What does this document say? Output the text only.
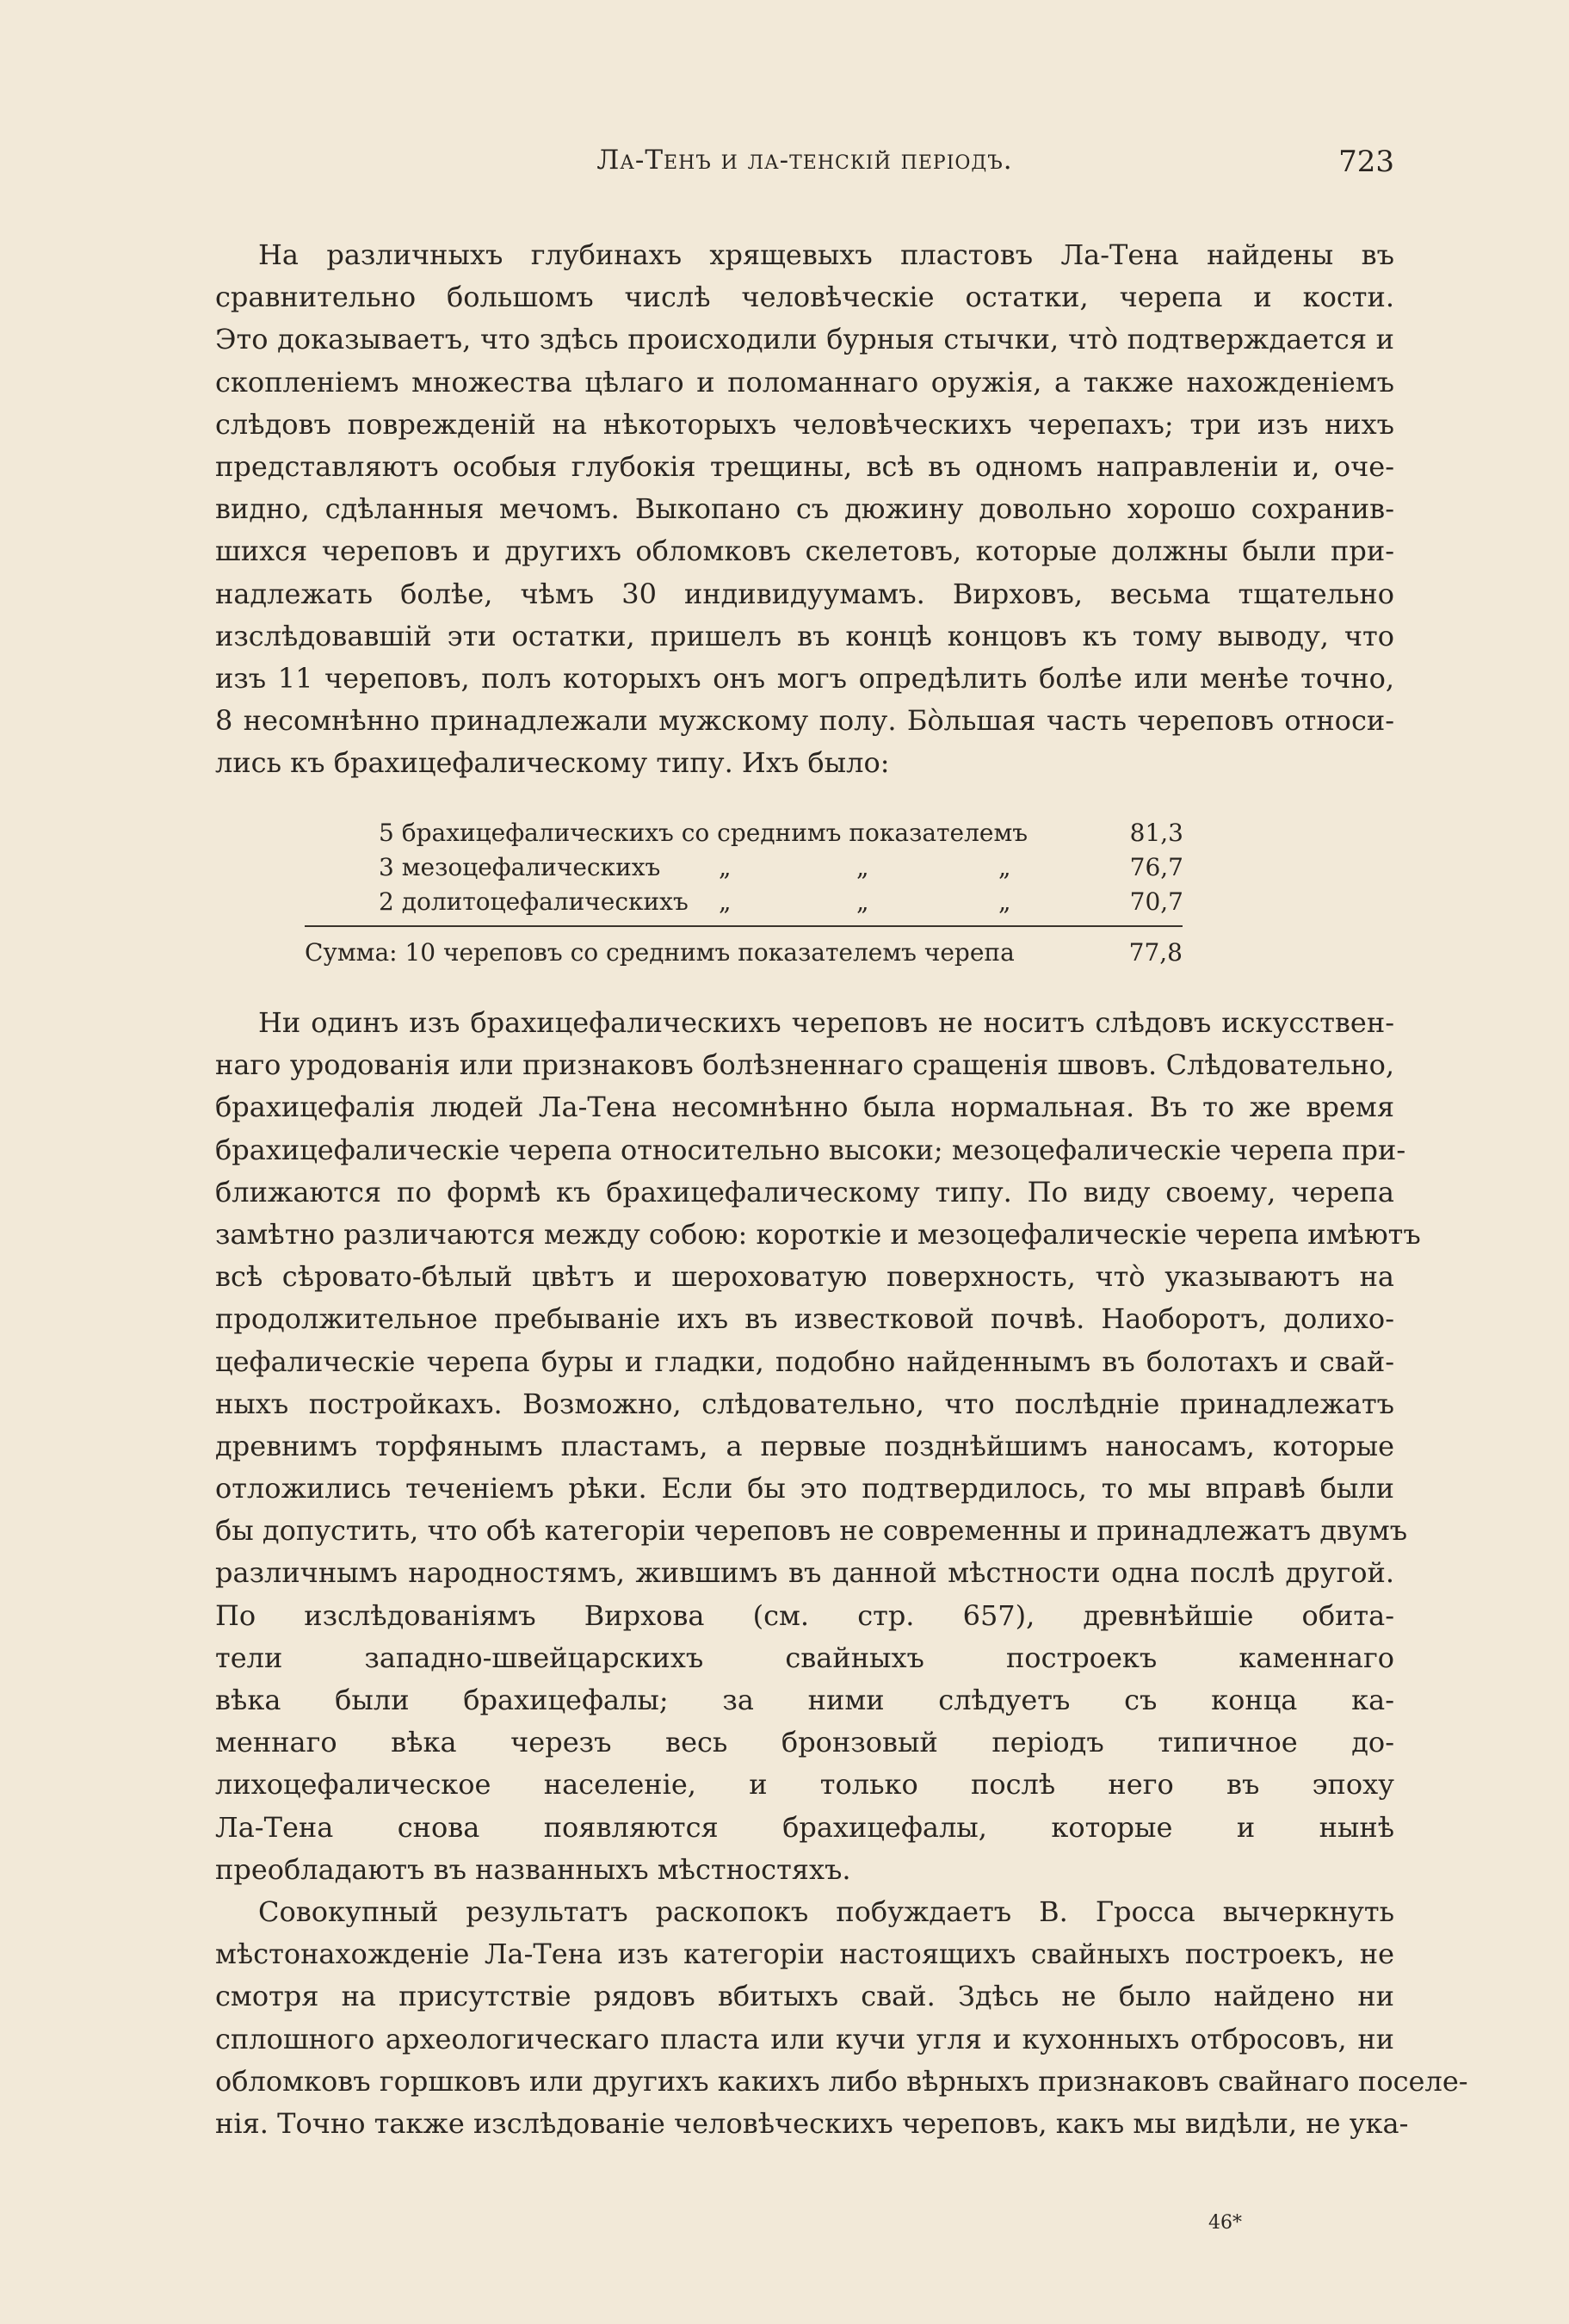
Ла-Тенъ и ла-тенскій періодъ.	723
На различныхъ глубинахъ хрящевыхъ пластовъ Ла-Тена найдены въ
сравнительно большомъ числѣ человѣческіе остатки, черепа и кости.
Это доказываетъ, что здѣсь происходили бурныя стычки, что̀ подтверждается и
скопленіемъ множества цѣлаго и поломаннаго оружія, а также нахожденіемъ
слѣдовъ поврежденій на нѣкоторыхъ человѣческихъ черепахъ; три изъ нихъ
представляютъ особыя глубокія трещины, всѣ въ одномъ направленіи и, оче-
видно, сдѣланныя мечомъ. Выкопано съ дюжину довольно хорошо сохранив-
шихся череповъ и другихъ обломковъ скелетовъ, которые должны были при-
надлежать болѣе, чѣмъ 30 индивидуумамъ. Вирховъ, весьма тщательно
изслѣдовавшій эти остатки, пришелъ въ концѣ концовъ къ тому выводу, что
изъ 11 череповъ, полъ которыхъ онъ могъ опредѣлить болѣе или менѣе точно,
8 несомнѣнно принадлежали мужскому полу. Бо̀льшая часть череповъ относи-
лись къ брахицефалическому типу. Ихъ было:
5 брахицефалическихъ со среднимъ показателемъ	81,3
3 мезоцефалическихъ „	„	„	76,7
2 долитоцефалическихъ „	„	„	70,7
Сумма: 10 череповъ со среднимъ показателемъ черепа	77,8
Ни одинъ изъ брахицефалическихъ череповъ не носитъ слѣдовъ искусствен-
наго уродованія или признаковъ болѣзненнаго сращенія швовъ. Слѣдовательно,
брахицефалія людей Ла-Тена несомнѣнно была нормальная. Въ то же время
брахицефалическіе черепа относительно высоки; мезоцефалическіе черепа при-
ближаются по формѣ къ брахицефалическому типу. По виду своему, черепа
замѣтно различаются между собою: короткіе и мезоцефалическіе черепа имѣютъ
всѣ сѣровато-бѣлый цвѣтъ и шероховатую поверхность, что̀ указываютъ на
продолжительное пребываніе ихъ въ известковой почвѣ. Наоборотъ, долихо-
цефалическіе черепа буры и гладки, подобно найденнымъ въ болотахъ и свай-
ныхъ постройкахъ. Возможно, слѣдовательно, что послѣдніе принадлежатъ
древнимъ торфянымъ пластамъ, а первые позднѣйшимъ наносамъ, которые
отложились теченіемъ рѣки. Если бы это подтвердилось, то мы вправѣ были
бы допустить, что обѣ категоріи череповъ не современны и принадлежатъ двумъ
различнымъ народностямъ, жившимъ въ данной мѣстности одна послѣ другой.
По изслѣдованіямъ Вирхова (см. стр. 657), древнѣйшіе обита-
тели западно-швейцарскихъ свайныхъ построекъ каменнаго
вѣка были брахицефалы; за ними слѣдуетъ съ конца ка-
меннаго вѣка черезъ весь бронзовый періодъ типичное до-
лихоцефалическое населеніе, и только послѣ него въ эпоху
Ла-Тена снова появляются брахицефалы, которые и нынѣ
преобладаютъ въ названныхъ мѣстностяхъ.
Совокупный результатъ раскопокъ побуждаетъ В. Гросса вычеркнуть
мѣстонахожденіе Ла-Тена изъ категоріи настоящихъ свайныхъ построекъ, не
смотря на присутствіе рядовъ вбитыхъ свай. Здѣсь не было найдено ни
сплошного археологическаго пласта или кучи угля и кухонныхъ отбросовъ, ни
обломковъ горшковъ или другихъ какихъ либо вѣрныхъ признаковъ свайнаго поселе-
нія. Точно также изслѣдованіе человѣческихъ череповъ, какъ мы видѣли, не ука-
46*
